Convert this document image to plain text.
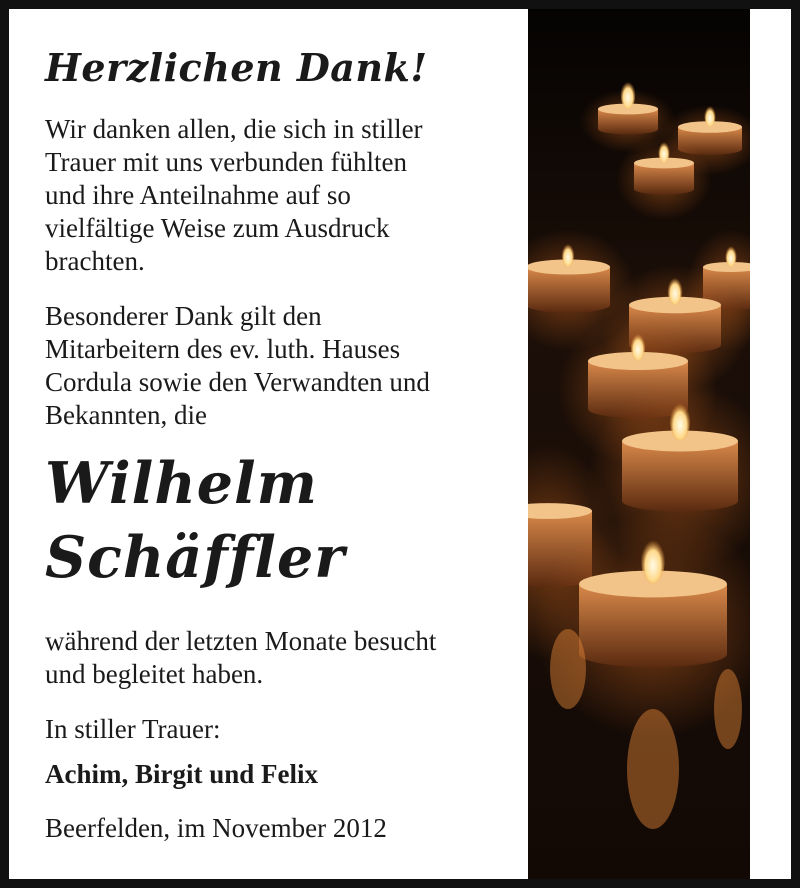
Herzlichen Dank!
Wir danken allen, die sich in stiller
Trauer mit uns verbunden fühlten
und ihre Anteilnahme auf so
vielfältige Weise zum Ausdruck
brachten.
Besonderer Dank gilt den
Mitarbeitern des ev. luth. Hauses
Cordula sowie den Verwandten und
Bekannten, die
Wilhelm
Schäffler
während der letzten Monate besucht
und begleitet haben.
In stiller Trauer:
Achim, Birgit und Felix
Beerfelden, im November 2012
